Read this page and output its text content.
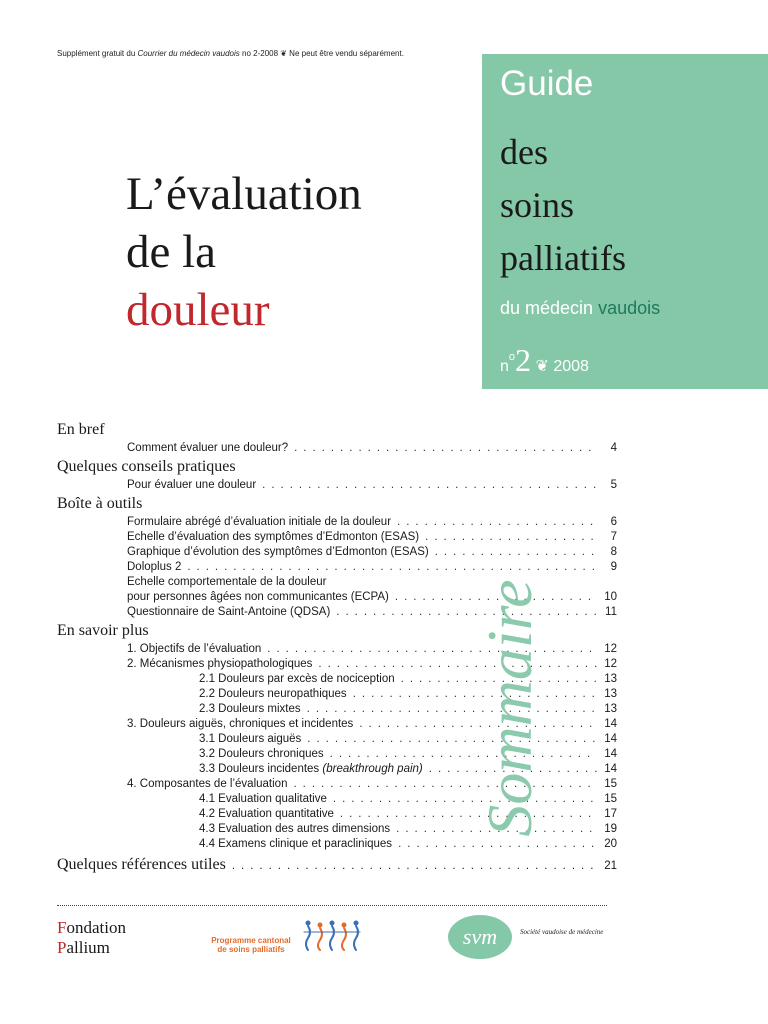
Supplément gratuit du Courrier du médecin vaudois no 2-2008 ❦ Ne peut être vendu séparément.
L’évaluation
de la
douleur
Guide
des
soins
palliatifs
du médecin vaudois
$n^o2$ ❦ 2008
En bref
Comment évaluer une douleur? . . .	4
Quelques conseils pratiques
Pour évaluer une douleur . . .	5
Boîte à outils
Formulaire abrégé d’évaluation initiale de la douleur . . .	6
Echelle d’évaluation des symptômes d’Edmonton (ESAS) . . .	7
Graphique d’évolution des symptômes d’Edmonton (ESAS) . . .	8
Doloplus 2 . . .	9
Echelle comportementale de la douleur
pour personnes âgées non communicantes (ECPA) . . .	10
Questionnaire de Saint-Antoine (QDSA) . . .	11
En savoir plus
1. Objectifs de l’évaluation . . .	12
2. Mécanismes physiopathologiques . . .	12
2.1 Douleurs par excès de nociception . . .	13
2.2 Douleurs neuropathiques . . .	13
2.3 Douleurs mixtes . . .	13
3. Douleurs aiguës, chroniques et incidentes . . .	14
3.1 Douleurs aiguës . . .	14
3.2 Douleurs chroniques . . .	14
3.3 Douleurs incidentes (breakthrough pain) . . .	14
4. Composantes de l’évaluation . . .	15
4.1 Evaluation qualitative . . .	15
4.2 Evaluation quantitative . . .	17
4.3 Evaluation des autres dimensions . . .	19
4.4 Examens clinique et paracliniques . . .	20
Quelques références utiles . . .	21
Sommaire
Fondation
Pallium	Programme cantonal
de soins palliatifs
svm	Société vaudoise de médecine
